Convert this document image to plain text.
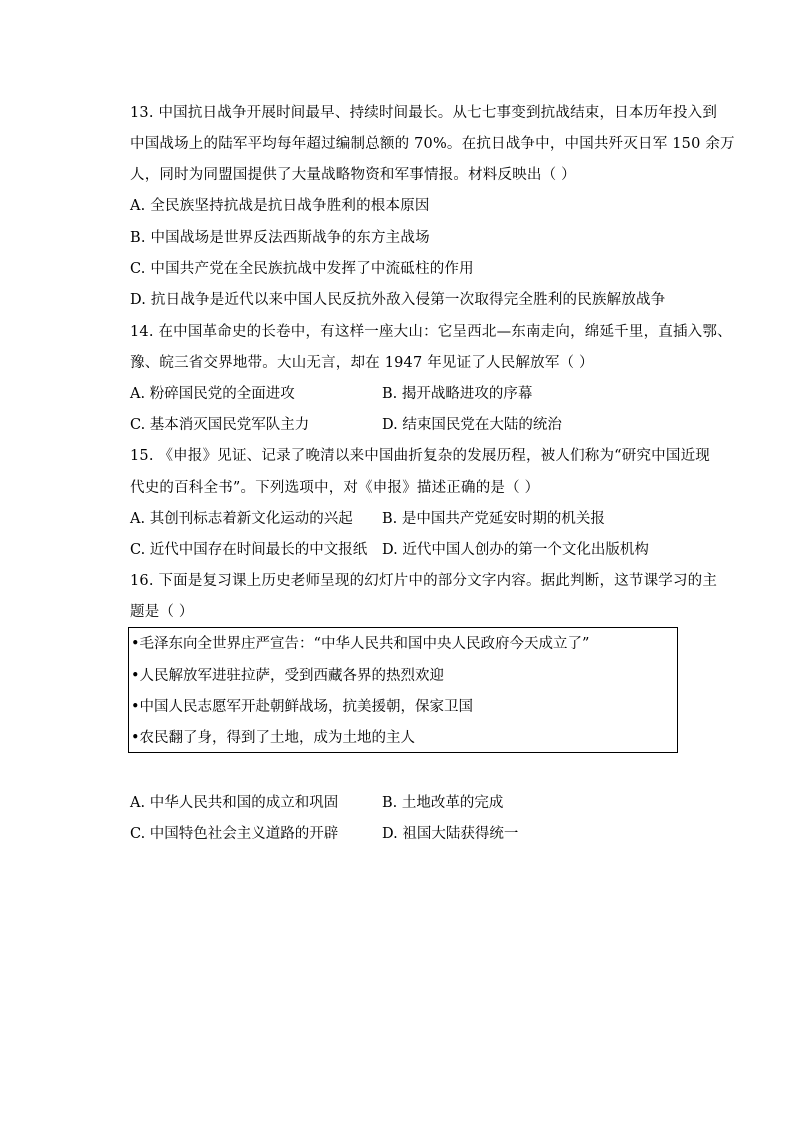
13. 中国抗日战争开展时间最早、持续时间最长。从七七事变到抗战结束，日本历年投入到
中国战场上的陆军平均每年超过编制总额的 70%。在抗日战争中，中国共歼灭日军 150 余万
人，同时为同盟国提供了大量战略物资和军事情报。材料反映出（ ）
A. 全民族坚持抗战是抗日战争胜利的根本原因
B. 中国战场是世界反法西斯战争的东方主战场
C. 中国共产党在全民族抗战中发挥了中流砥柱的作用
D. 抗日战争是近代以来中国人民反抗外敌入侵第一次取得完全胜利的民族解放战争
14. 在中国革命史的长卷中，有这样一座大山：它呈西北—东南走向，绵延千里，直插入鄂、
豫、皖三省交界地带。大山无言，却在 1947 年见证了人民解放军（ ）
A. 粉碎国民党的全面进攻	B. 揭开战略进攻的序幕
C. 基本消灭国民党军队主力	D. 结束国民党在大陆的统治
15. 《申报》见证、记录了晚清以来中国曲折复杂的发展历程，被人们称为“研究中国近现
代史的百科全书”。下列选项中，对《申报》描述正确的是（ ）
A. 其创刊标志着新文化运动的兴起 B. 是中国共产党延安时期的机关报
C. 近代中国存在时间最长的中文报纸 D. 近代中国人创办的第一个文化出版机构
16. 下面是复习课上历史老师呈现的幻灯片中的部分文字内容。据此判断，这节课学习的主
题是（ ）
•毛泽东向全世界庄严宣告：“中华人民共和国中央人民政府今天成立了”
•人民解放军进驻拉萨，受到西藏各界的热烈欢迎
•中国人民志愿军开赴朝鲜战场，抗美援朝，保家卫国
•农民翻了身，得到了土地，成为土地的主人
A. 中华人民共和国的成立和巩固	B. 土地改革的完成
C. 中国特色社会主义道路的开辟	D. 祖国大陆获得统一
